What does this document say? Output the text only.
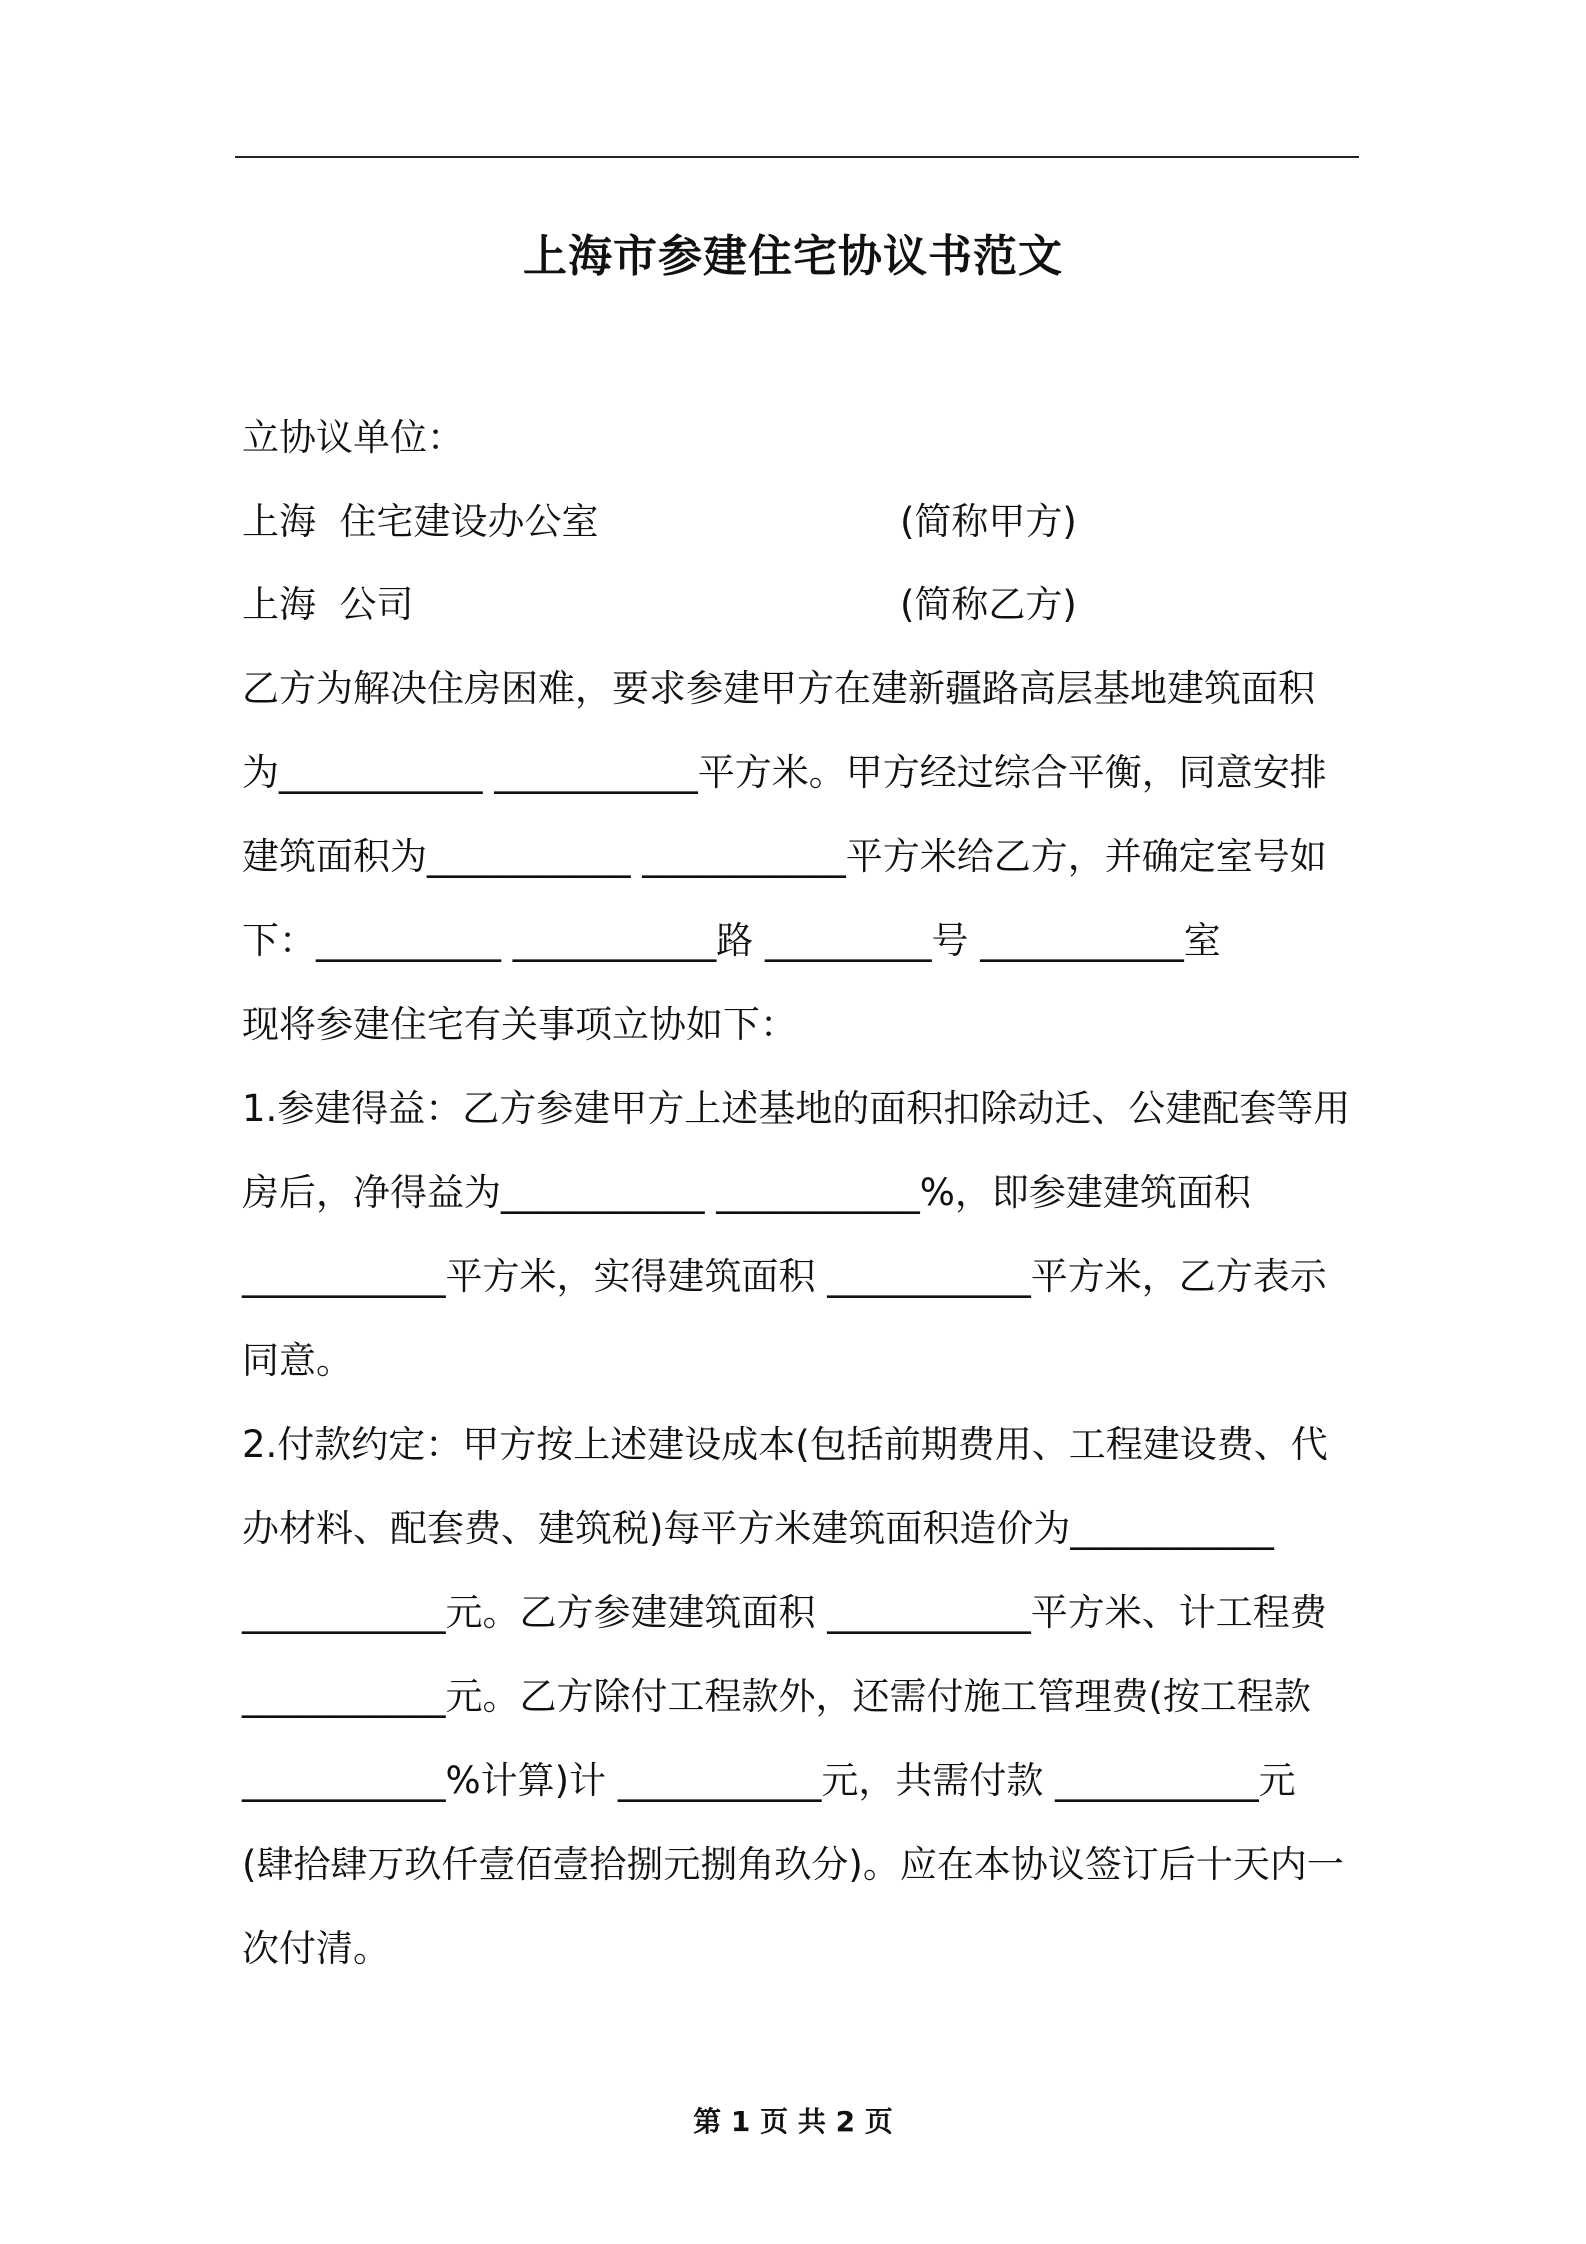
上海市参建住宅协议书范文
立协议单位：
上海  住宅建设办公室	(简称甲方)
上海  公司	(简称乙方)
乙方为解决住房困难，要求参建甲方在建新疆路高层基地建筑面积
为___________ ___________平方米。甲方经过综合平衡，同意安排
建筑面积为___________ ___________平方米给乙方，并确定室号如
下：__________ ___________路 _________号 ___________室
现将参建住宅有关事项立协如下：
1.参建得益：乙方参建甲方上述基地的面积扣除动迁、公建配套等用
房后，净得益为___________ ___________%，即参建建筑面积
___________平方米，实得建筑面积 ___________平方米，乙方表示
同意。
2.付款约定：甲方按上述建设成本(包括前期费用、工程建设费、代
办材料、配套费、建筑税)每平方米建筑面积造价为___________
___________元。乙方参建建筑面积 ___________平方米、计工程费
___________元。乙方除付工程款外，还需付施工管理费(按工程款
___________%计算)计 ___________元，共需付款 ___________元
(肆拾肆万玖仟壹佰壹拾捌元捌角玖分)。应在本协议签订后十天内一
次付清。
第 1 页 共 2 页
